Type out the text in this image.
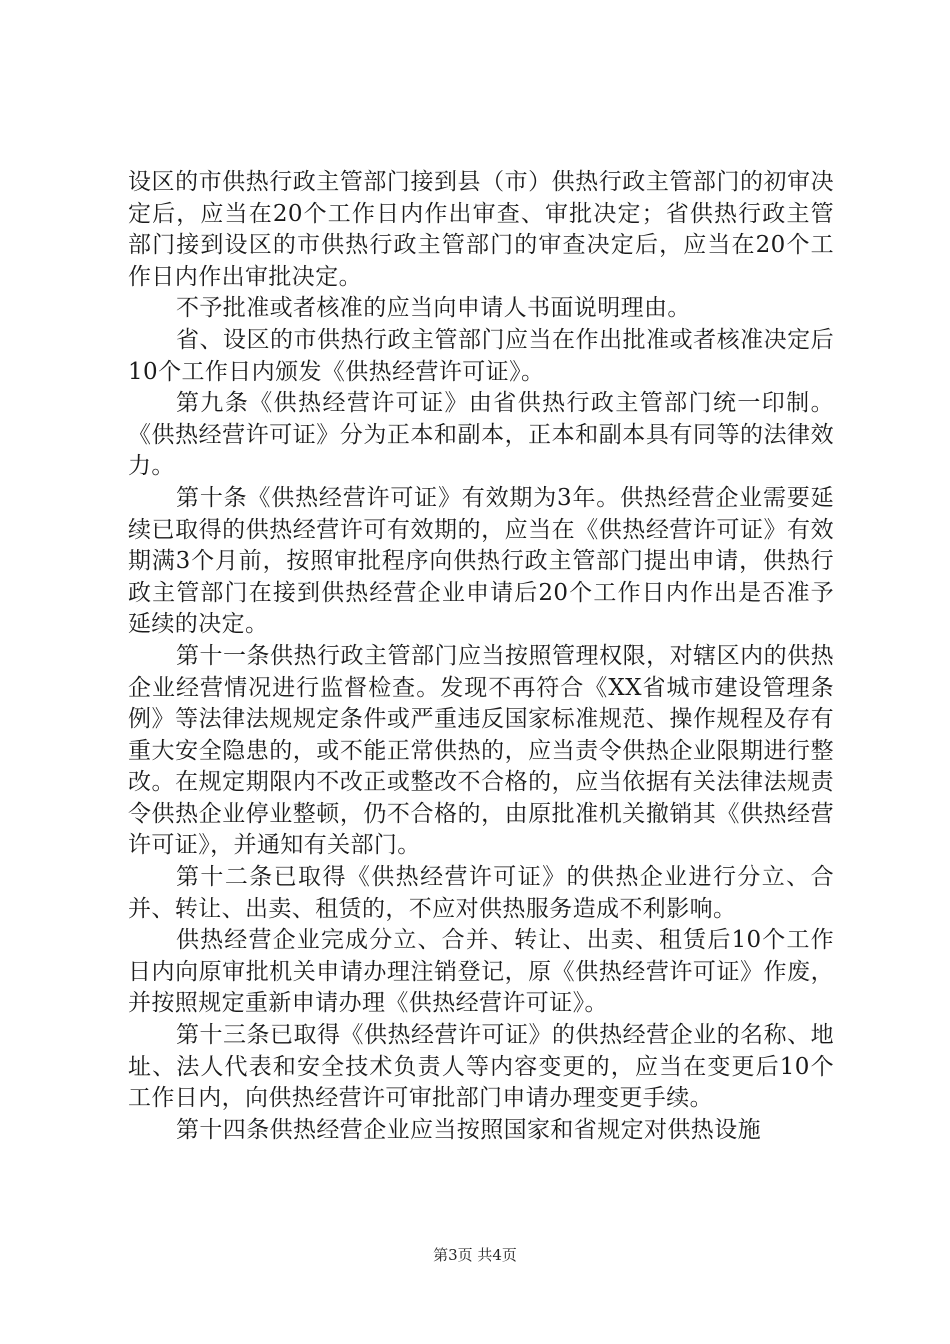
设区的市供热行政主管部门接到县（市）供热行政主管部门的初审决定后，应当在20个工作日内作出审查、审批决定；省供热行政主管部门接到设区的市供热行政主管部门的审查决定后，应当在20个工作日内作出审批决定。

不予批准或者核准的应当向申请人书面说明理由。

省、设区的市供热行政主管部门应当在作出批准或者核准决定后10个工作日内颁发《供热经营许可证》。

第九条《供热经营许可证》由省供热行政主管部门统一印制。《供热经营许可证》分为正本和副本，正本和副本具有同等的法律效力。

第十条《供热经营许可证》有效期为3年。供热经营企业需要延续已取得的供热经营许可有效期的，应当在《供热经营许可证》有效期满3个月前，按照审批程序向供热行政主管部门提出申请，供热行政主管部门在接到供热经营企业申请后20个工作日内作出是否准予延续的决定。

第十一条供热行政主管部门应当按照管理权限，对辖区内的供热企业经营情况进行监督检查。发现不再符合《XX省城市建设管理条例》等法律法规规定条件或严重违反国家标准规范、操作规程及存有重大安全隐患的，或不能正常供热的，应当责令供热企业限期进行整改。在规定期限内不改正或整改不合格的，应当依据有关法律法规责令供热企业停业整顿，仍不合格的，由原批准机关撤销其《供热经营许可证》，并通知有关部门。

第十二条已取得《供热经营许可证》的供热企业进行分立、合并、转让、出卖、租赁的，不应对供热服务造成不利影响。

供热经营企业完成分立、合并、转让、出卖、租赁后10个工作日内向原审批机关申请办理注销登记，原《供热经营许可证》作废，并按照规定重新申请办理《供热经营许可证》。

第十三条已取得《供热经营许可证》的供热经营企业的名称、地址、法人代表和安全技术负责人等内容变更的，应当在变更后10个工作日内，向供热经营许可审批部门申请办理变更手续。

第十四条供热经营企业应当按照国家和省规定对供热设施

第3页 共4页
